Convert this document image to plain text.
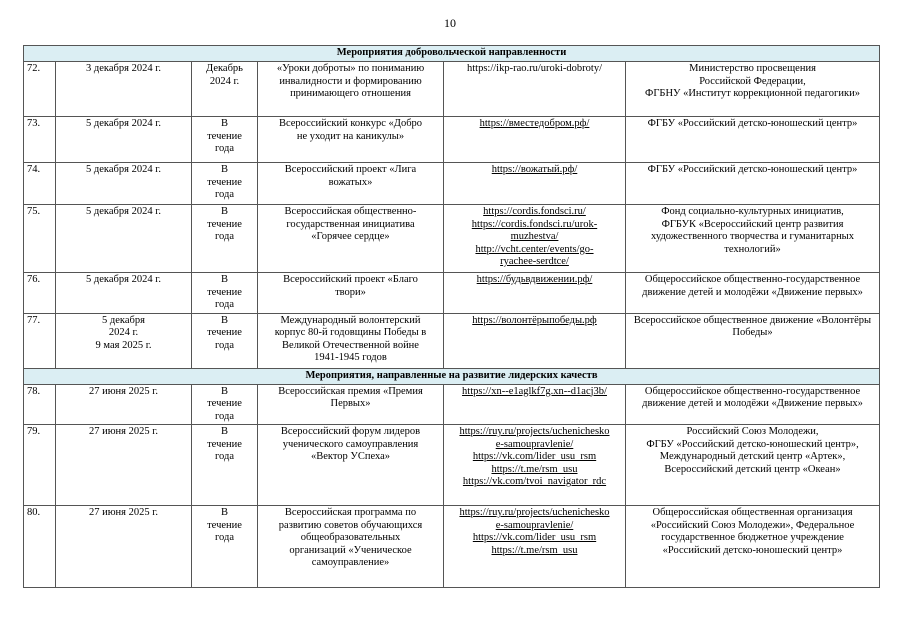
10
Мероприятия добровольческой направленности					
72.	3 декабря 2024 г.	Декабрь
2024 г.	«Уроки доброты» по пониманию
инвалидности и формированию
принимающего отношения	https://ikp-rao.ru/uroki-dobroty/	Министерство просвещения
Российской Федерации,
ФГБНУ «Институт коррекционной педагогики»

73.	5 декабря 2024 г.	В
течение
года	Всероссийский конкурс «Добро
не уходит на каникулы»	https://вместедобром.рф/	ФГБУ «Российский детско-юношеский центр»

74.	5 декабря 2024 г.	В
течение
года	Всероссийский проект «Лига
вожатых»	https://вожатый.рф/	ФГБУ «Российский детско-юношеский центр»

75.	5 декабря 2024 г.	В
течение
года	Всероссийская общественно-
государственная инициатива
«Горячее сердце»	https://cordis.fondsci.ru/
https://cordis.fondsci.ru/urok-
muzhestva/
http://vcht.center/events/go-
ryachee-serdtce/	Фонд социально-культурных инициатив,
ФГБУК «Всероссийский центр развития
художественного творчества и гуманитарных
технологий»

76.	5 декабря 2024 г.	В
течение
года	Всероссийский проект «Благо
твори»	https://будьвдвижении.рф/	Общероссийское общественно-государственное
движение детей и молодёжи «Движение первых»

77.	5 декабря
2024 г.
9 мая 2025 г.	В
течение
года	Международный волонтерский
корпус 80-й годовщины Победы в
Великой Отечественной войне
1941-1945 годов	https://волонтёрыпобеды.рф	Всероссийское общественное движение «Волонтёры
Победы»

Мероприятия, направленные на развитие лидерских качеств					
78.	27 июня 2025 г.	В
течение
года	Всероссийская премия «Премия
Первых»	https://xn--e1aglkf7g.xn--d1acj3b/	Общероссийское общественно-государственное
движение детей и молодёжи «Движение первых»

79.	27 июня 2025 г.	В
течение
года	Всероссийский форум лидеров
ученического самоуправления
«Вектор УСпеха»	https://ruy.ru/projects/uchenichesko
e-samoupravlenie/
https://vk.com/lider_usu_rsm
https://t.me/rsm_usu
https://vk.com/tvoi_navigator_rdc	Российский Союз Молодежи,
ФГБУ «Российский детско-юношеский центр»,
Международный детский центр «Артек»,
Всероссийский детский центр «Океан»

80.	27 июня 2025 г.	В
течение
года	Всероссийская программа по
развитию советов обучающихся
общеобразовательных
организаций «Ученическое
самоуправление»	https://ruy.ru/projects/uchenichesko
e-samoupravlenie/
https://vk.com/lider_usu_rsm
https://t.me/rsm_usu	Общероссийская общественная организация
«Российский Союз Молодежи», Федеральное
государственное бюджетное учреждение
«Российский детско-юношеский центр»
